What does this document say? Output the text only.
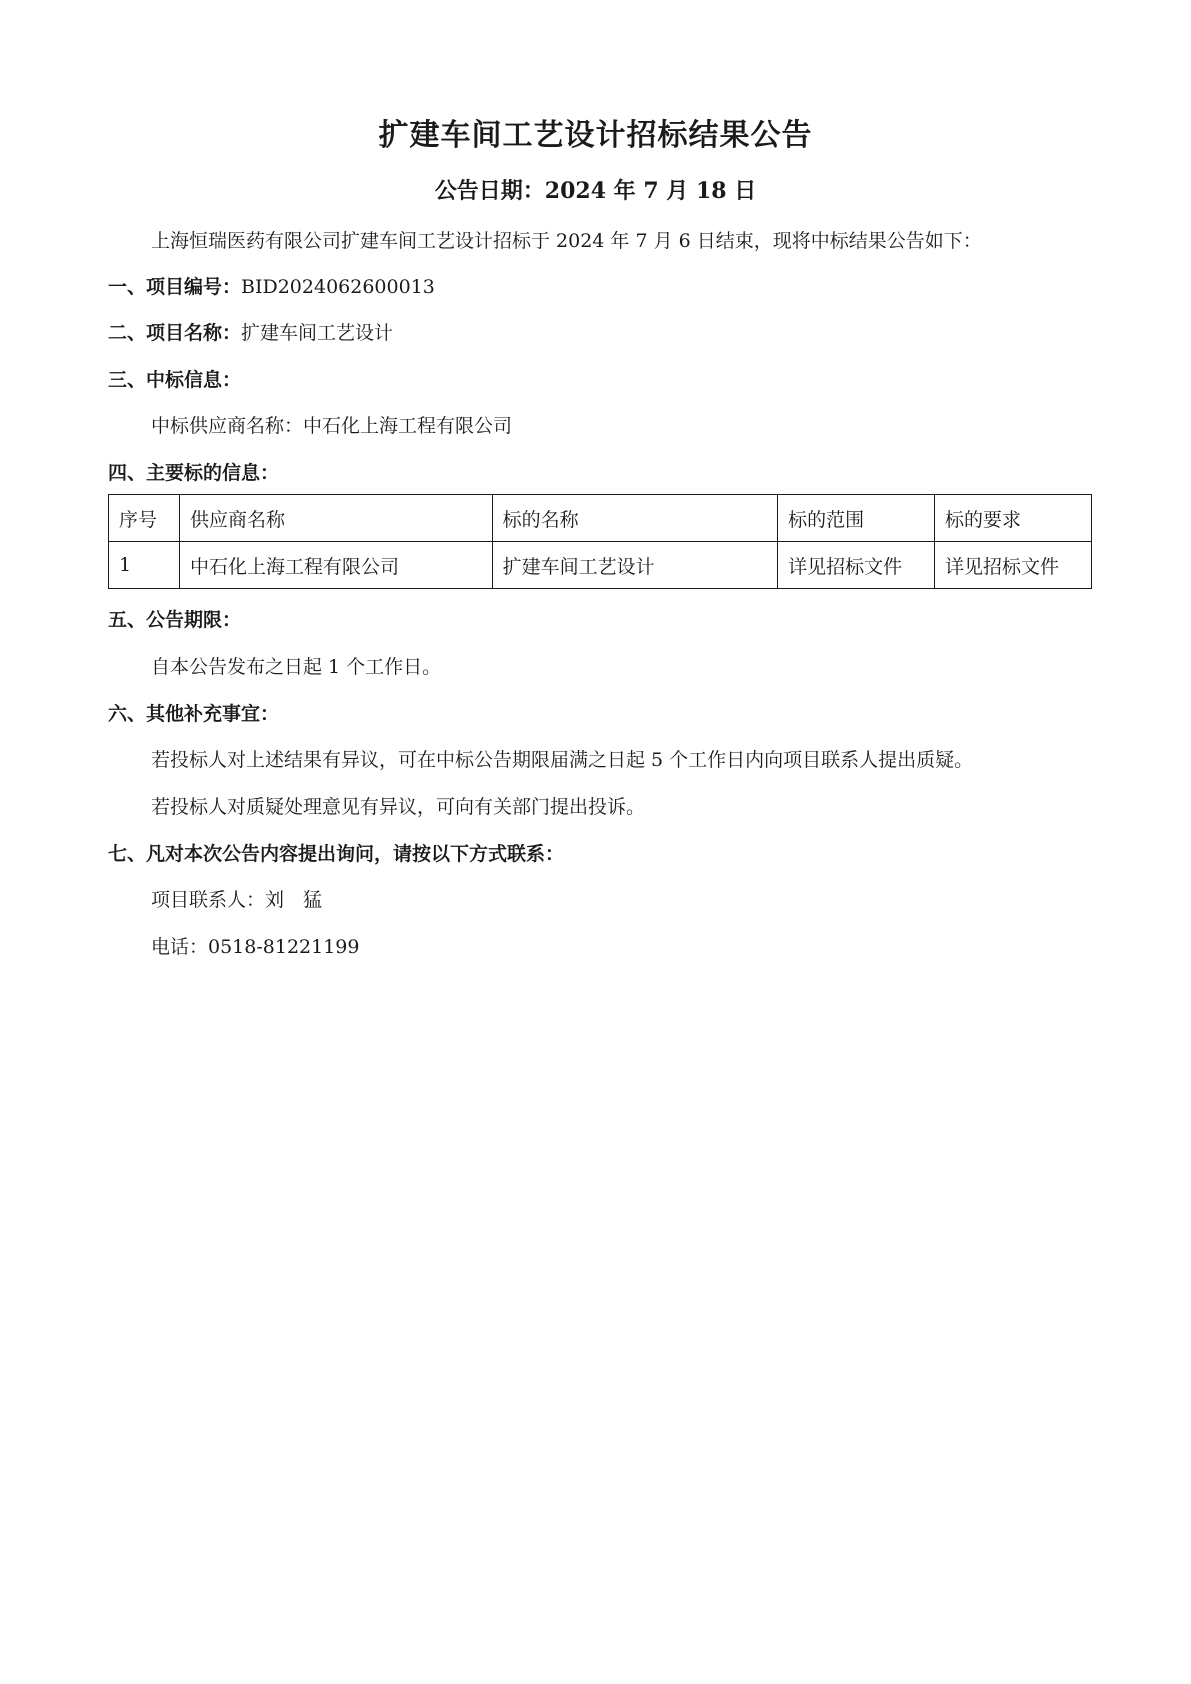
扩建车间工艺设计招标结果公告
公告日期：2024 年 7 月 18 日
上海恒瑞医药有限公司扩建车间工艺设计招标于 2024 年 7 月 6 日结束，现将中标结果公告如下：
一、项目编号：BID2024062600013
二、项目名称：扩建车间工艺设计
三、中标信息：
中标供应商名称：中石化上海工程有限公司
四、主要标的信息：
序号	供应商名称	标的名称	标的范围	标的要求
1	中石化上海工程有限公司	扩建车间工艺设计	详见招标文件	详见招标文件
五、公告期限：
自本公告发布之日起 1 个工作日。
六、其他补充事宜：
若投标人对上述结果有异议，可在中标公告期限届满之日起 5 个工作日内向项目联系人提出质疑。
若投标人对质疑处理意见有异议，可向有关部门提出投诉。
七、凡对本次公告内容提出询问，请按以下方式联系：
项目联系人：刘　猛
电话：0518-81221199
